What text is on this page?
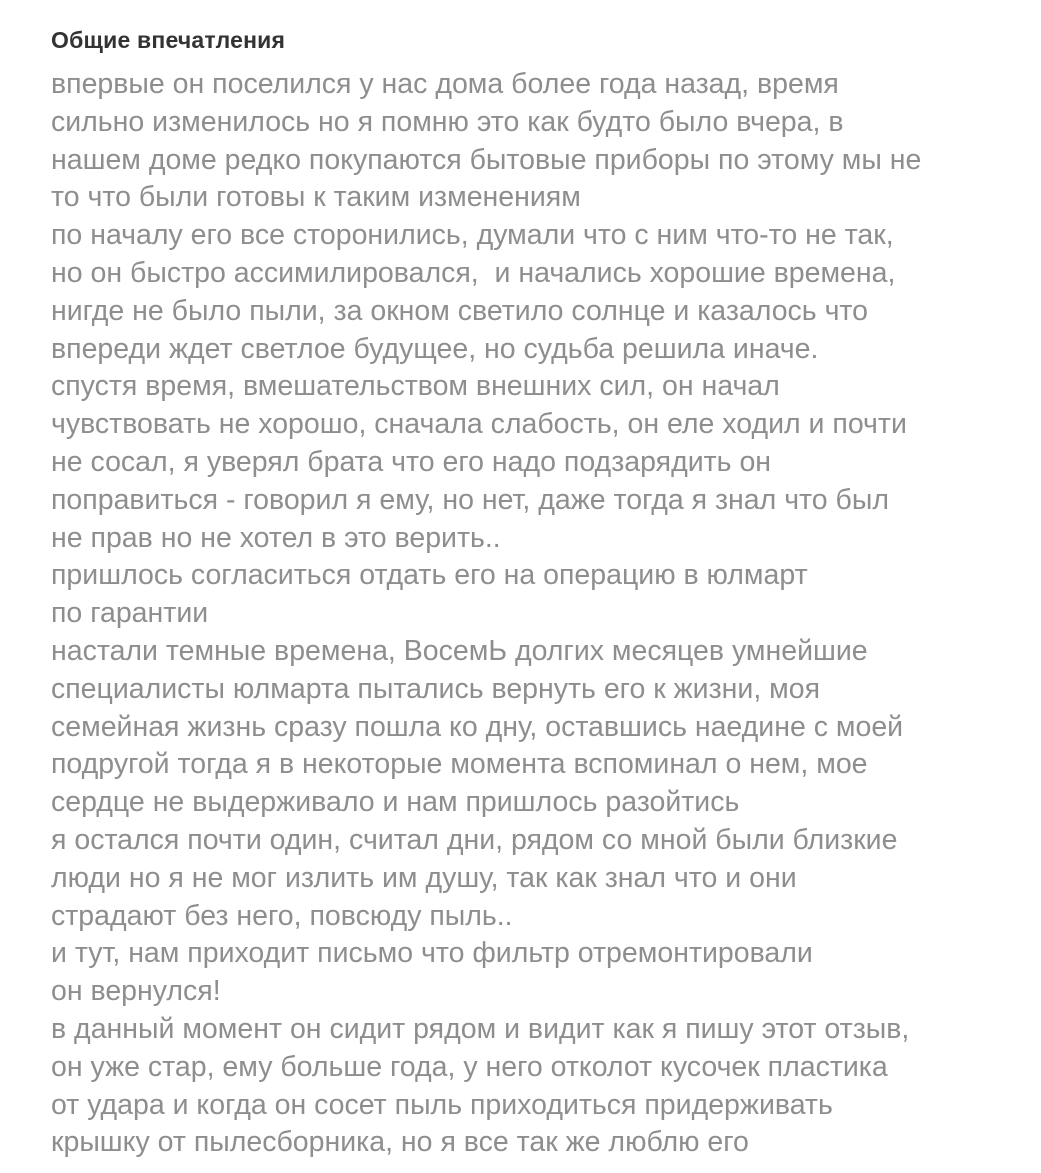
Общие впечатления
впервые он поселился у нас дома более года назад, время
сильно изменилось но я помню это как будто было вчера, в
нашем доме редко покупаются бытовые приборы по этому мы не
то что были готовы к таким изменениям
по началу его все сторонились, думали что с ним что-то не так,
но он быстро ассимилировался,  и начались хорошие времена,
нигде не было пыли, за окном светило солнце и казалось что
впереди ждет светлое будущее, но судьба решила иначе.
спустя время, вмешательством внешних сил, он начал
чувствовать не хорошо, сначала слабость, он еле ходил и почти
не сосал, я уверял брата что его надо подзарядить он
поправиться - говорил я ему, но нет, даже тогда я знал что был
не прав но не хотел в это верить..
пришлось согласиться отдать его на операцию в юлмарт
по гарантии
настали темные времена, ВосемЬ долгих месяцев умнейшие
специалисты юлмарта пытались вернуть его к жизни, моя
семейная жизнь сразу пошла ко дну, оставшись наедине с моей
подругой тогда я в некоторые момента вспоминал о нем, мое
сердце не выдерживало и нам пришлось разойтись
я остался почти один, считал дни, рядом со мной были близкие
люди но я не мог излить им душу, так как знал что и они
страдают без него, повсюду пыль..
и тут, нам приходит письмо что фильтр отремонтировали
он вернулся!
в данный момент он сидит рядом и видит как я пишу этот отзыв,
он уже стар, ему больше года, у него отколот кусочек пластика
от удара и когда он сосет пыль приходиться придерживать
крышку от пылесборника, но я все так же люблю его
